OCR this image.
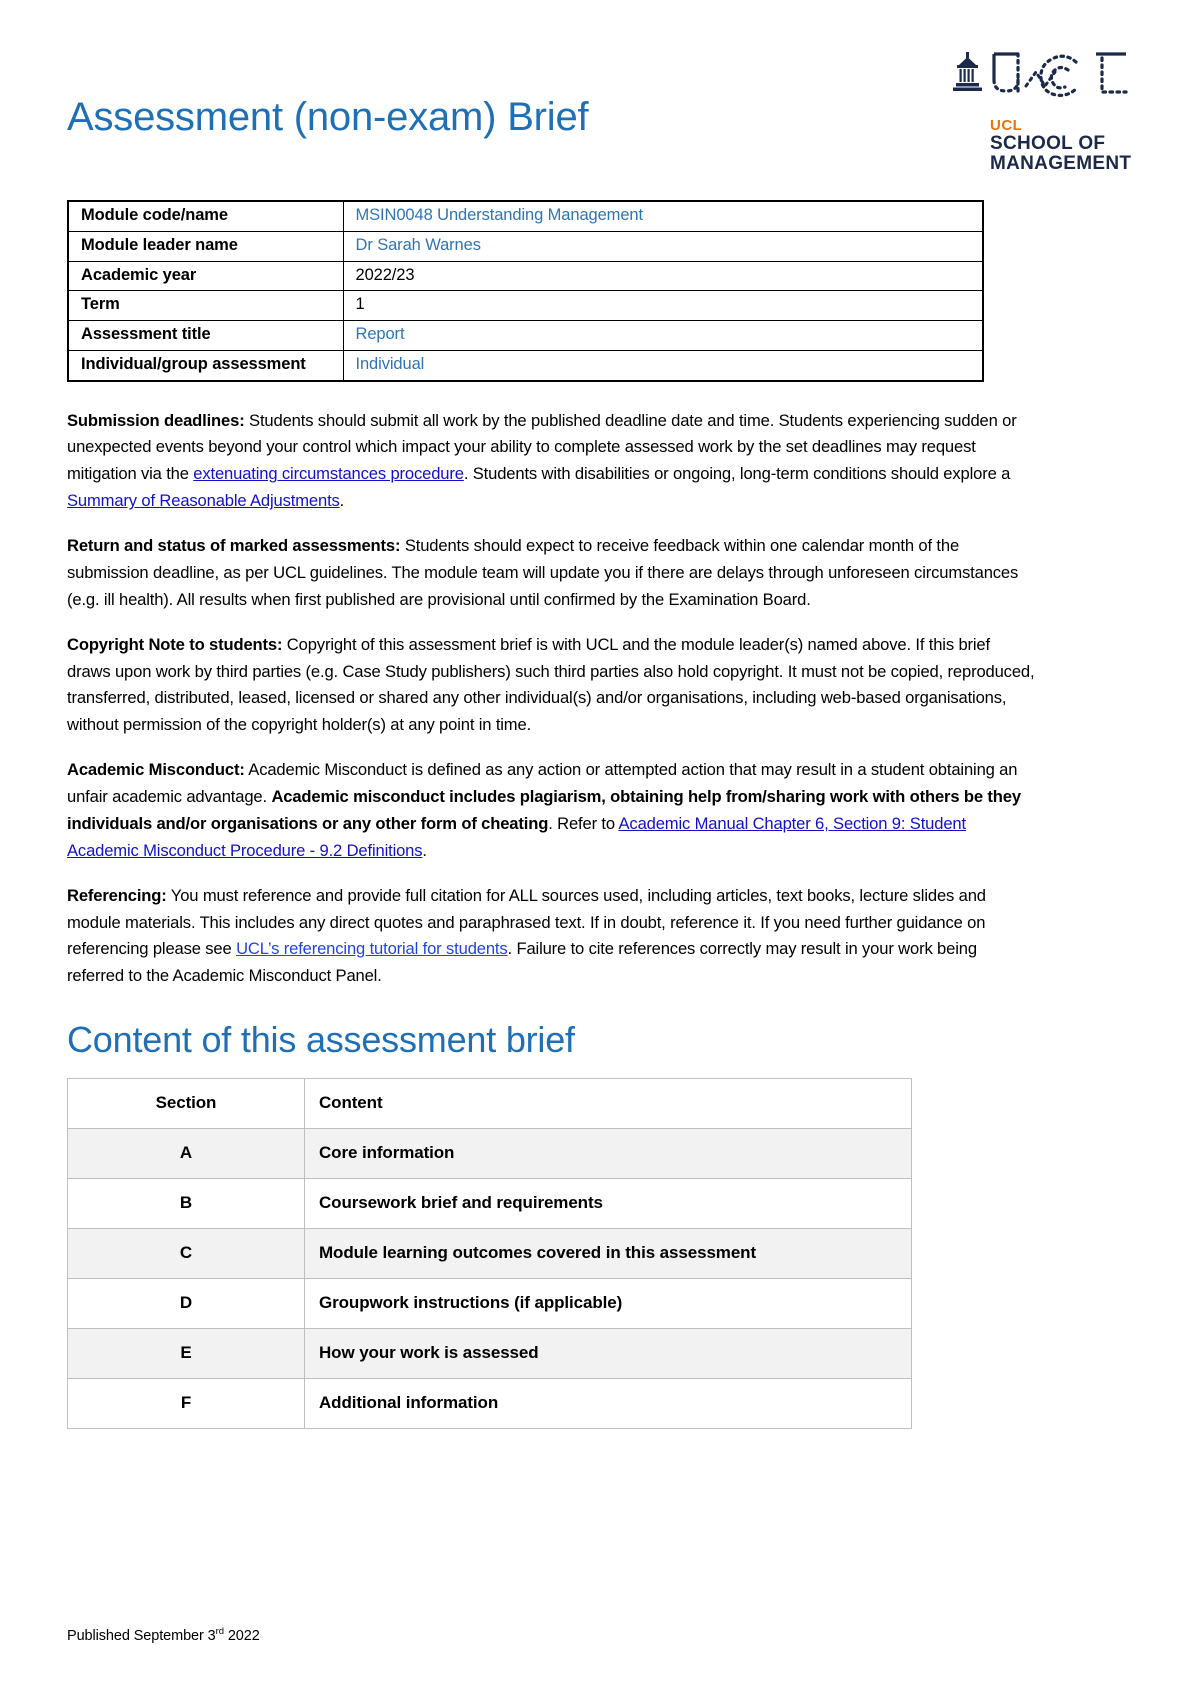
Assessment (non-exam) Brief	UCL
SCHOOL OF
MANAGEMENT
Module code/name	MSIN0048 Understanding Management
Module leader name	Dr Sarah Warnes
Academic year	2022/23
Term	1
Assessment title	Report
Individual/group assessment	Individual

Submission deadlines: Students should submit all work by the published deadline date and time. Students experiencing sudden or unexpected events beyond your control which impact your ability to complete assessed work by the set deadlines may request mitigation via the extenuating circumstances procedure. Students with disabilities or ongoing, long-term conditions should explore a Summary of Reasonable Adjustments.

Return and status of marked assessments: Students should expect to receive feedback within one calendar month of the submission deadline, as per UCL guidelines. The module team will update you if there are delays through unforeseen circumstances (e.g. ill health). All results when first published are provisional until confirmed by the Examination Board.

Copyright Note to students: Copyright of this assessment brief is with UCL and the module leader(s) named above. If this brief draws upon work by third parties (e.g. Case Study publishers) such third parties also hold copyright. It must not be copied, reproduced, transferred, distributed, leased, licensed or shared any other individual(s) and/or organisations, including web-based organisations, without permission of the copyright holder(s) at any point in time.

Academic Misconduct: Academic Misconduct is defined as any action or attempted action that may result in a student obtaining an unfair academic advantage. Academic misconduct includes plagiarism, obtaining help from/sharing work with others be they individuals and/or organisations or any other form of cheating. Refer to Academic Manual Chapter 6, Section 9: Student Academic Misconduct Procedure - 9.2 Definitions.

Referencing: You must reference and provide full citation for ALL sources used, including articles, text books, lecture slides and module materials. This includes any direct quotes and paraphrased text. If in doubt, reference it. If you need further guidance on referencing please see UCL’s referencing tutorial for students. Failure to cite references correctly may result in your work being referred to the Academic Misconduct Panel.

Content of this assessment brief
Section	Content
A	Core information
B	Coursework brief and requirements
C	Module learning outcomes covered in this assessment
D	Groupwork instructions (if applicable)
E	How your work is assessed
F	Additional information
Published September 3rd 2022
